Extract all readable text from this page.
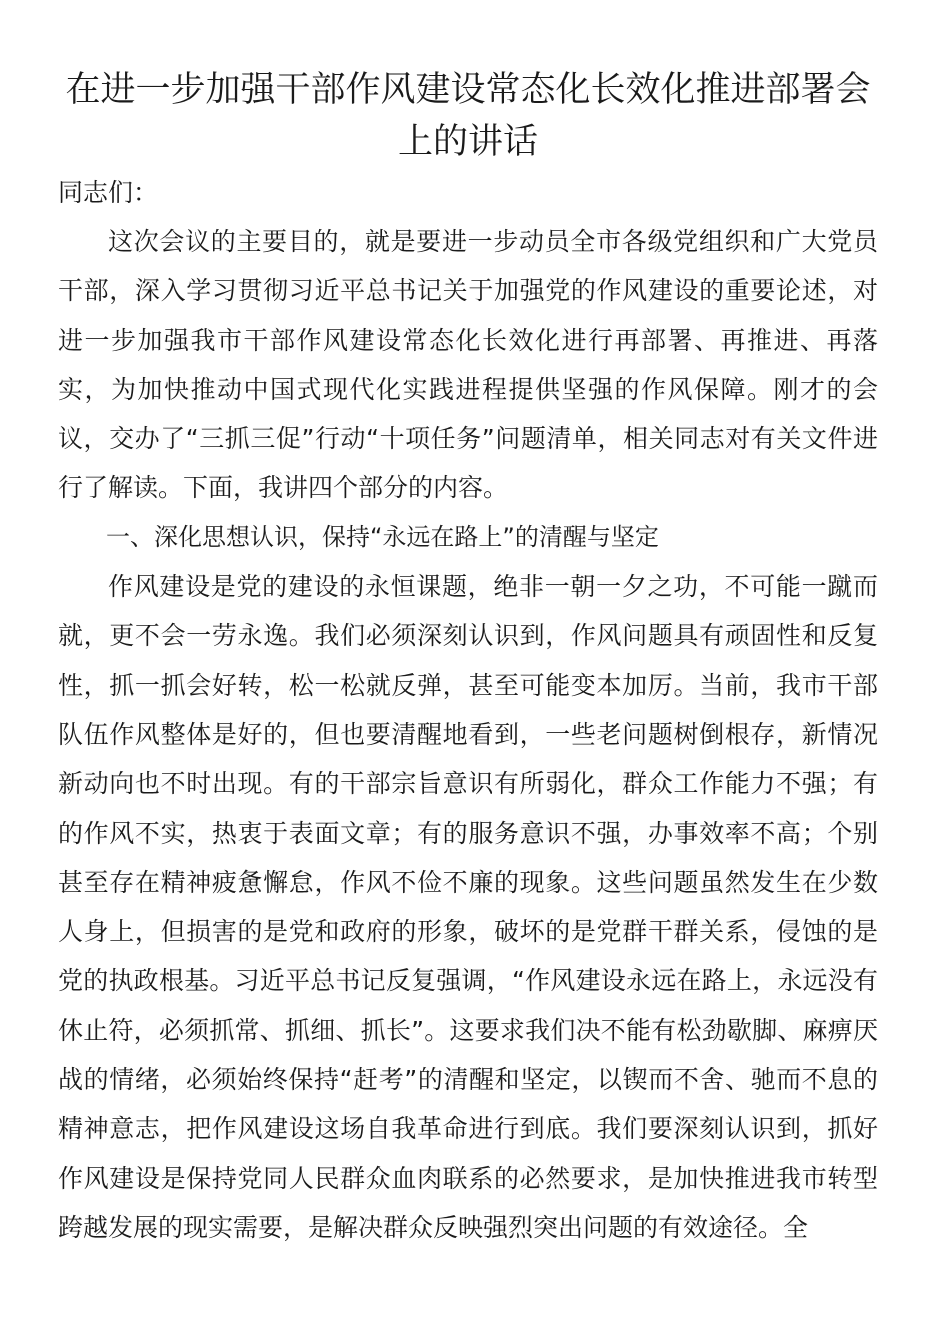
在进一步加强干部作风建设常态化长效化推进部署会上的讲话

同志们：

这次会议的主要目的，就是要进一步动员全市各级党组织和广大党员干部，深入学习贯彻习近平总书记关于加强党的作风建设的重要论述，对进一步加强我市干部作风建设常态化长效化进行再部署、再推进、再落实，为加快推动中国式现代化实践进程提供坚强的作风保障。刚才的会议，交办了“三抓三促”行动“十项任务”问题清单，相关同志对有关文件进行了解读。下面，我讲四个部分的内容。

一、深化思想认识，保持“永远在路上”的清醒与坚定

作风建设是党的建设的永恒课题，绝非一朝一夕之功，不可能一蹴而就，更不会一劳永逸。我们必须深刻认识到，作风问题具有顽固性和反复性，抓一抓会好转，松一松就反弹，甚至可能变本加厉。当前，我市干部队伍作风整体是好的，但也要清醒地看到，一些老问题树倒根存，新情况新动向也不时出现。有的干部宗旨意识有所弱化，群众工作能力不强；有的作风不实，热衷于表面文章；有的服务意识不强，办事效率不高；个别甚至存在精神疲惫懈怠，作风不俭不廉的现象。这些问题虽然发生在少数人身上，但损害的是党和政府的形象，破坏的是党群干群关系，侵蚀的是党的执政根基。习近平总书记反复强调，“作风建设永远在路上，永远没有休止符，必须抓常、抓细、抓长”。这要求我们决不能有松劲歇脚、麻痹厌战的情绪，必须始终保持“赶考”的清醒和坚定，以锲而不舍、驰而不息的精神意志，把作风建设这场自我革命进行到底。我们要深刻认识到，抓好作风建设是保持党同人民群众血肉联系的必然要求，是加快推进我市转型跨越发展的现实需要，是解决群众反映强烈突出问题的有效途径。全
